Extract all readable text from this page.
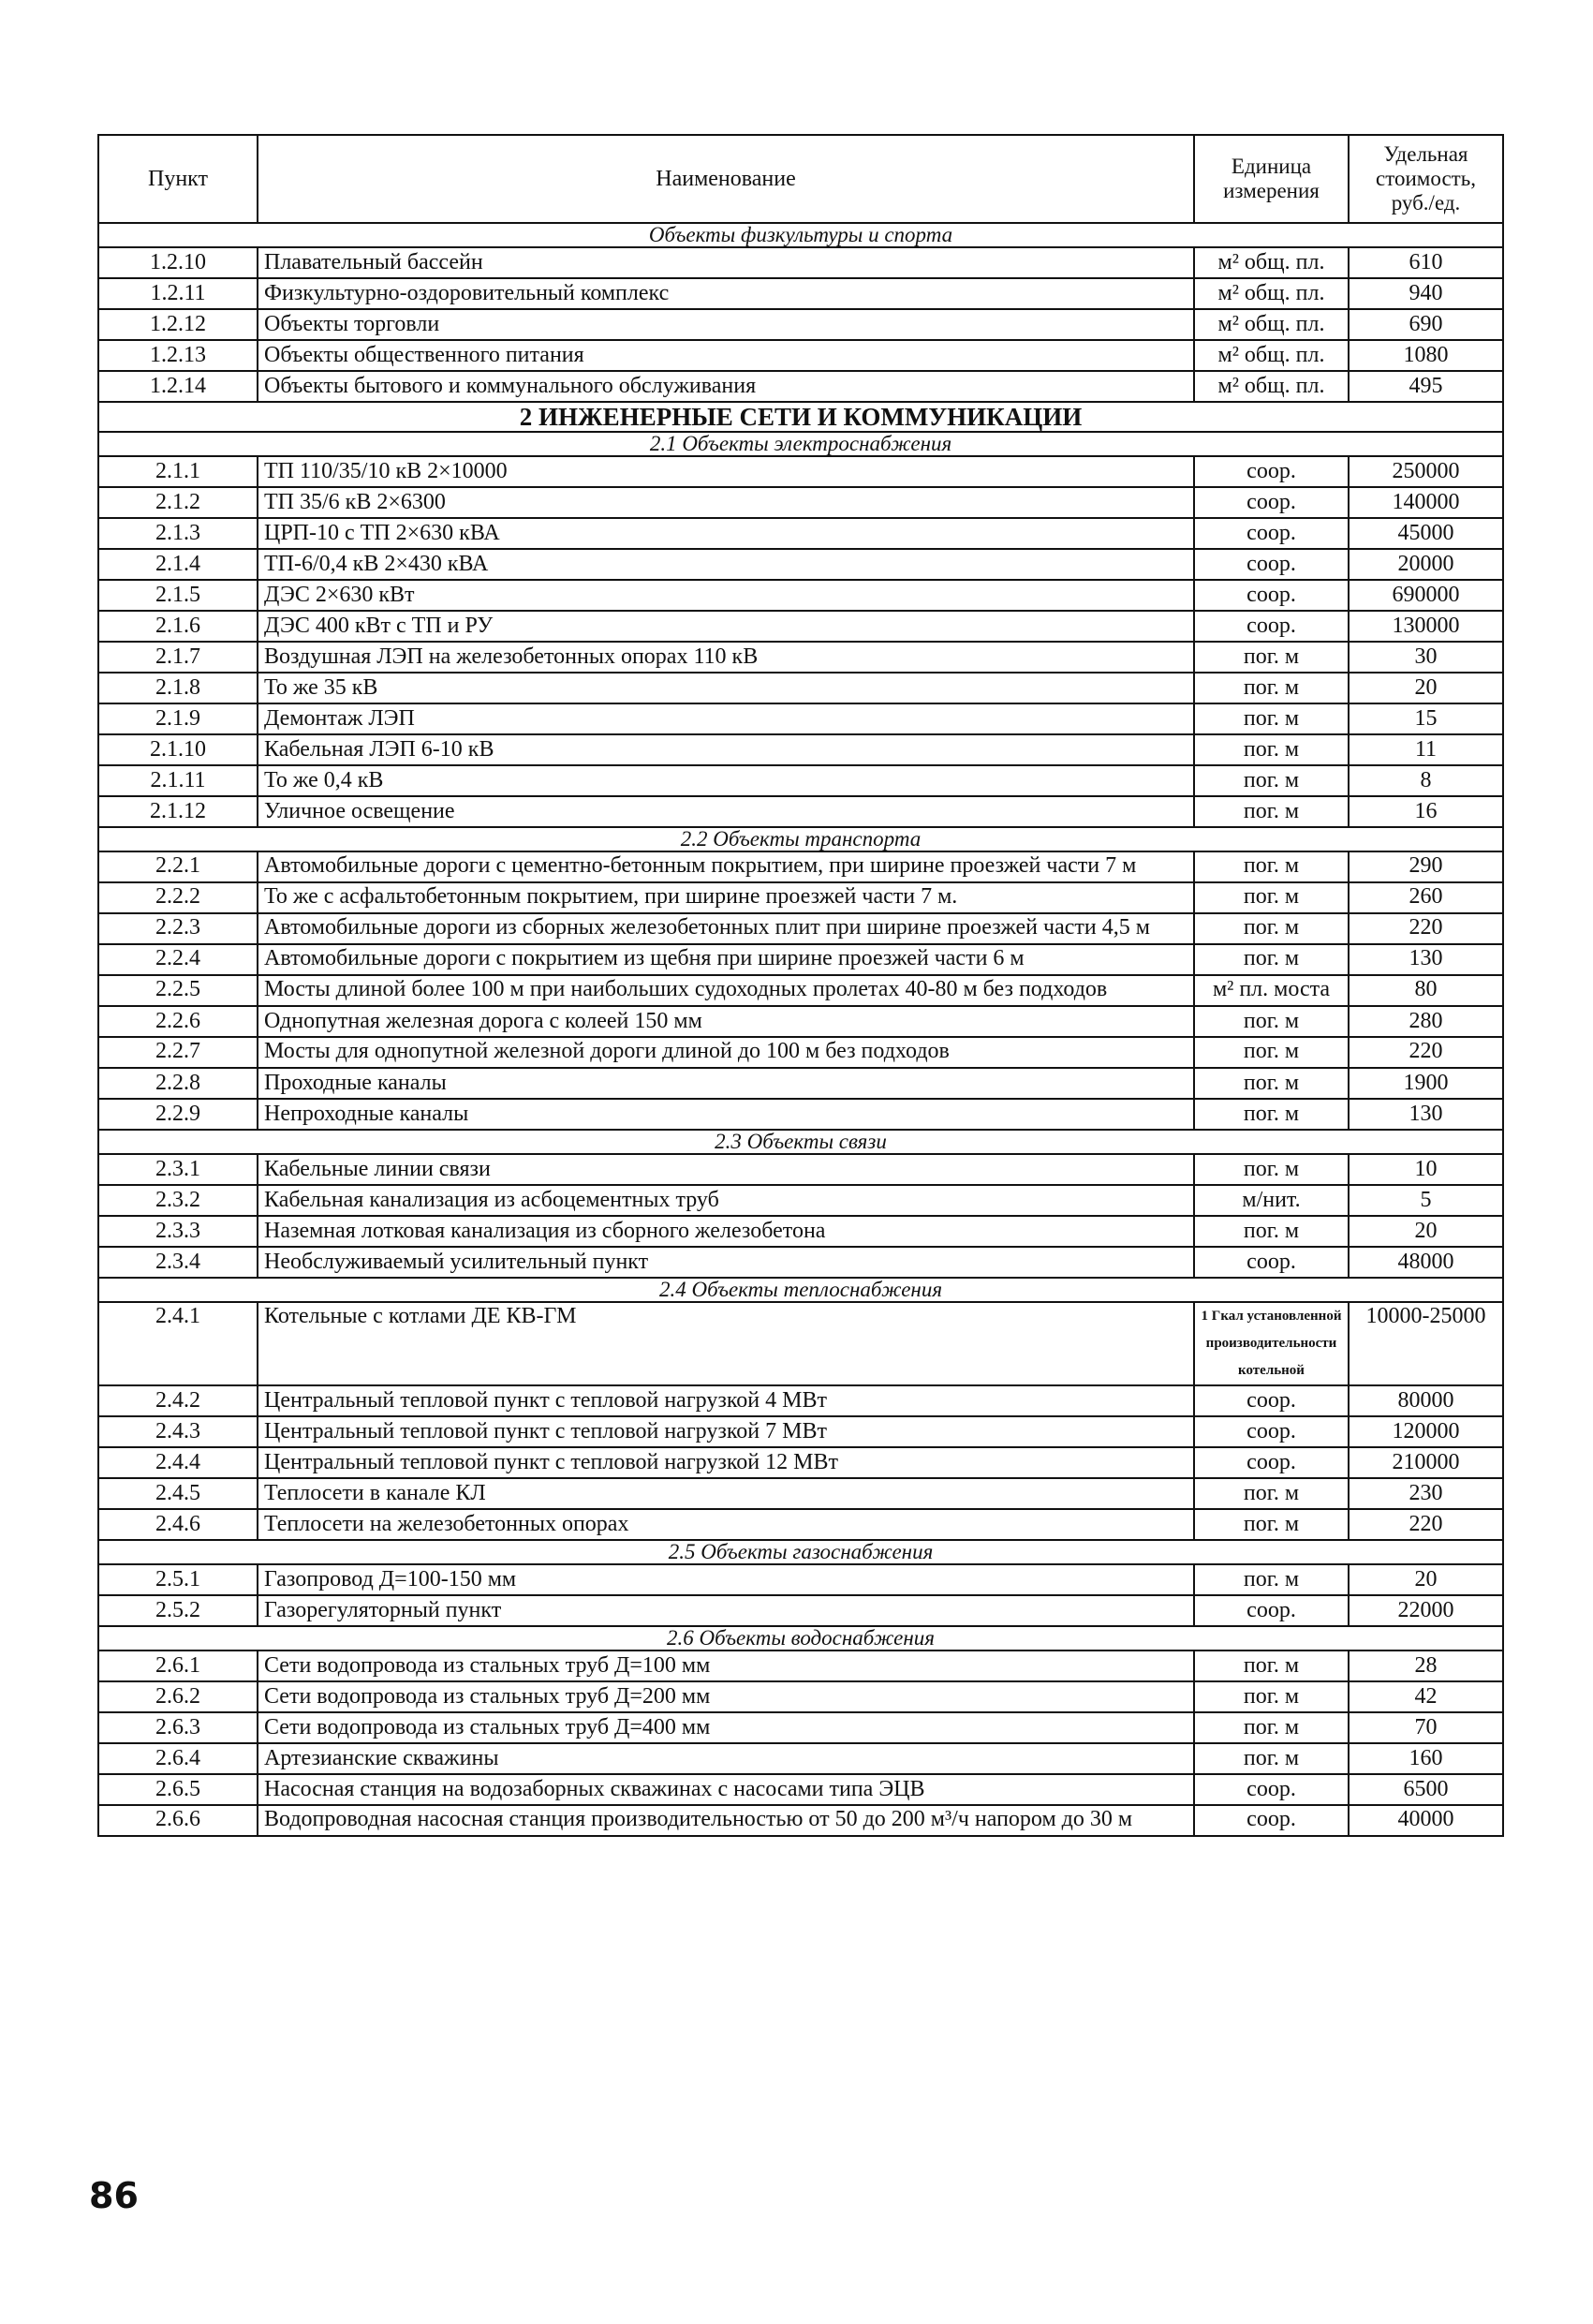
Пункт	Наименование	Единица измерения	Удельная стоимость, руб./ед.
Объекты физкультуры и спорта			
1.2.10	Плавательный бассейн	м² общ. пл.	610
1.2.11	Физкультурно-оздоровительный комплекс	м² общ. пл.	940
1.2.12	Объекты торговли	м² общ. пл.	690
1.2.13	Объекты общественного питания	м² общ. пл.	1080
1.2.14	Объекты бытового и коммунального обслуживания	м² общ. пл.	495
2 ИНЖЕНЕРНЫЕ СЕТИ И КОММУНИКАЦИИ			
2.1 Объекты электроснабжения			
2.1.1	ТП 110/35/10 кВ 2×10000	соор.	250000
2.1.2	ТП 35/6 кВ 2×6300	соор.	140000
2.1.3	ЦРП-10 с ТП 2×630 кВА	соор.	45000
2.1.4	ТП-6/0,4 кВ 2×430 кВА	соор.	20000
2.1.5	ДЭС 2×630 кВт	соор.	690000
2.1.6	ДЭС 400 кВт с ТП и РУ	соор.	130000
2.1.7	Воздушная ЛЭП на железобетонных опорах 110 кВ	пог. м	30
2.1.8	То же 35 кВ	пог. м	20
2.1.9	Демонтаж ЛЭП	пог. м	15
2.1.10	Кабельная ЛЭП 6-10 кВ	пог. м	11
2.1.11	То же 0,4 кВ	пог. м	8
2.1.12	Уличное освещение	пог. м	16
2.2 Объекты транспорта			
2.2.1	Автомобильные дороги с цементно-бетонным покрытием, при ширине проезжей части 7 м	пог. м	290
2.2.2	То же с асфальтобетонным покрытием, при ширине проезжей части 7 м.	пог. м	260
2.2.3	Автомобильные дороги из сборных железобетонных плит при ширине проезжей части 4,5 м	пог. м	220
2.2.4	Автомобильные дороги с покрытием из щебня при ширине проезжей части 6 м	пог. м	130
2.2.5	Мосты длиной более 100 м при наибольших судоходных пролетах 40-80 м без подходов	м² пл. моста	80
2.2.6	Однопутная железная дорога с колеей 150 мм	пог. м	280
2.2.7	Мосты для однопутной железной дороги длиной до 100 м без подходов	пог. м	220
2.2.8	Проходные каналы	пог. м	1900
2.2.9	Непроходные каналы	пог. м	130
2.3 Объекты связи			
2.3.1	Кабельные линии связи	пог. м	10
2.3.2	Кабельная канализация из асбоцементных труб	м/нит.	5
2.3.3	Наземная лотковая канализация из сборного железобетона	пог. м	20
2.3.4	Необслуживаемый усилительный пункт	соор.	48000
2.4 Объекты теплоснабжения			
2.4.1	Котельные с котлами ДЕ КВ-ГМ	1 Гкал установленной производительности котельной	10000-25000
2.4.2	Центральный тепловой пункт с тепловой нагрузкой 4 МВт	соор.	80000
2.4.3	Центральный тепловой пункт с тепловой нагрузкой 7 МВт	соор.	120000
2.4.4	Центральный тепловой пункт с тепловой нагрузкой 12 МВт	соор.	210000
2.4.5	Теплосети в канале КЛ	пог. м	230
2.4.6	Теплосети на железобетонных опорах	пог. м	220
2.5 Объекты газоснабжения			
2.5.1	Газопровод Д=100-150 мм	пог. м	20
2.5.2	Газорегуляторный пункт	соор.	22000
2.6 Объекты водоснабжения			
2.6.1	Сети водопровода из стальных труб Д=100 мм	пог. м	28
2.6.2	Сети водопровода из стальных труб Д=200 мм	пог. м	42
2.6.3	Сети водопровода из стальных труб Д=400 мм	пог. м	70
2.6.4	Артезианские скважины	пог. м	160
2.6.5	Насосная станция на водозаборных скважинах с насосами типа ЭЦВ	соор.	6500
2.6.6	Водопроводная насосная станция производительностью от 50 до 200 м³/ч напором до 30 м	соор.	40000
86
